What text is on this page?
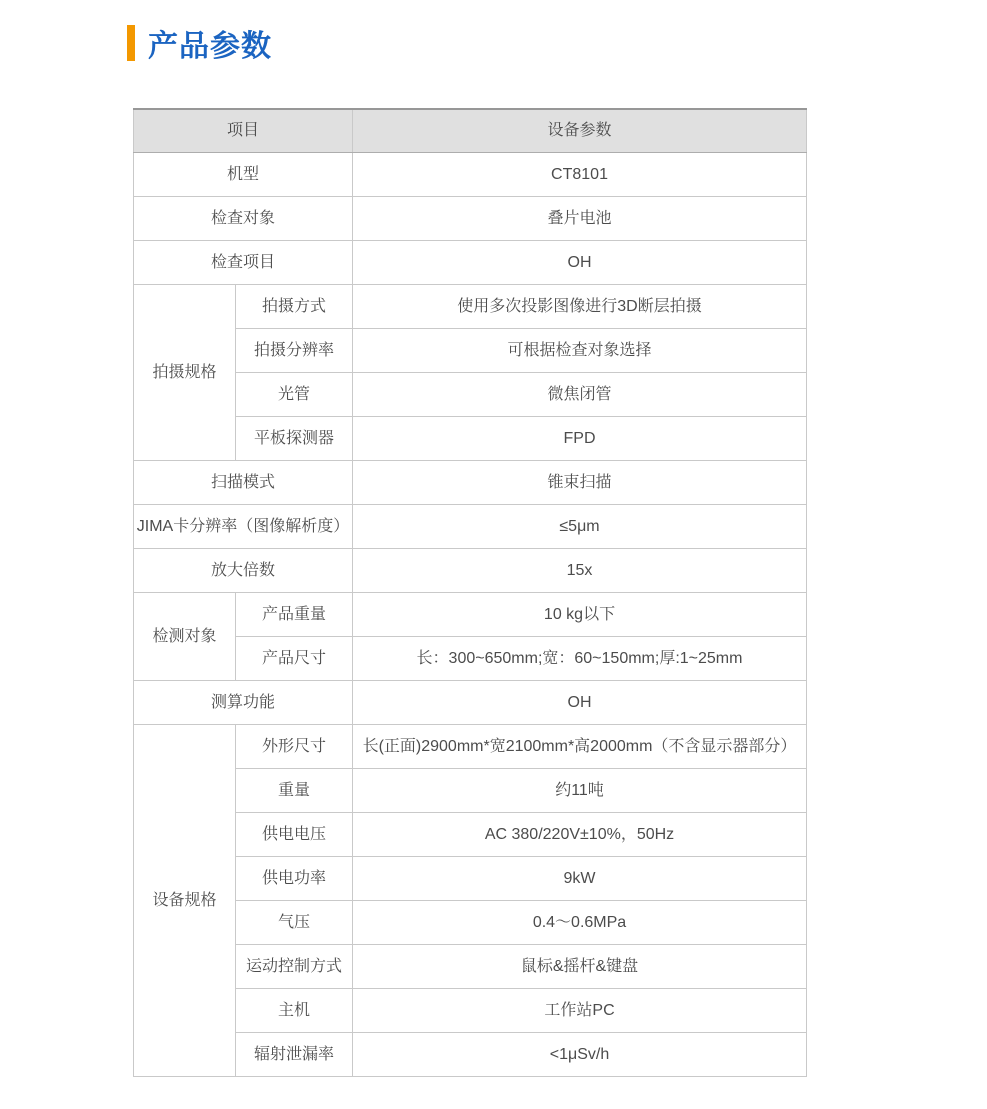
产品参数
项目		设备参数
机型		CT8101
检查对象		叠片电池
检查项目		OH
拍摄规格	拍摄方式	使用多次投影图像进行3D断层拍摄
	拍摄分辨率	可根据检查对象选择
	光管	微焦闭管
	平板探测器	FPD
扫描模式		锥束扫描
JIMA卡分辨率（图像解析度）		≤5μm
放大倍数		15x
检测对象	产品重量	10 kg以下
	产品尺寸	长：300~650mm;宽：60~150mm;厚:1~25mm
测算功能		OH
设备规格	外形尺寸	长(正面)2900mm*宽2100mm*高2000mm（不含显示器部分）
	重量	约11吨
	供电电压	AC 380/220V±10%，50Hz
	供电功率	9kW
	气压	0.4～0.6MPa
	运动控制方式	鼠标&摇杆&键盘
	主机	工作站PC
	辐射泄漏率	<1μSv/h
